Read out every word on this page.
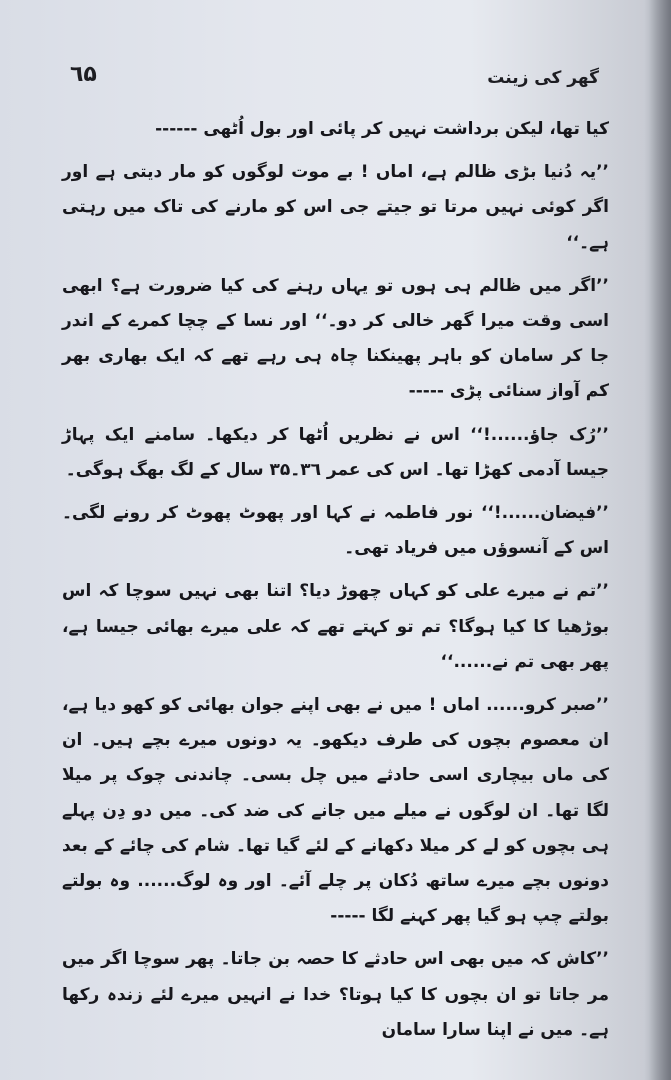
٦۵	گھر کی زینت

کیا تھا، لیکن برداشت نہیں کر پائی اور بول اُٹھی ------

’’یہ دُنیا بڑی ظالم ہے، اماں ! بے موت لوگوں کو مار دیتی ہے اور اگر کوئی نہیں مرتا تو جیتے جی اس کو مارنے کی تاک میں رہتی ہے۔‘‘

’’اگر میں ظالم ہی ہوں تو یہاں رہنے کی کیا ضرورت ہے؟ ابھی اسی وقت میرا گھر خالی کر دو۔‘‘ اور نسا کے چچا کمرے کے اندر جا کر سامان کو باہر پھینکنا چاہ ہی رہے تھے کہ ایک بھاری بھر کم آواز سنائی پڑی -----

’’رُک جاؤ......!‘‘ اس نے نظریں اُٹھا کر دیکھا۔ سامنے ایک پہاڑ جیسا آدمی کھڑا تھا۔ اس کی عمر ۳٦۔۳۵ سال کے لگ بھگ ہوگی۔

’’فیضان......!‘‘ نور فاطمہ نے کہا اور پھوٹ پھوٹ کر رونے لگی۔ اس کے آنسوؤں میں فریاد تھی۔

’’تم نے میرے علی کو کہاں چھوڑ دیا؟ اتنا بھی نہیں سوچا کہ اس بوڑھیا کا کیا ہوگا؟ تم تو کہتے تھے کہ علی میرے بھائی جیسا ہے، پھر بھی تم نے......‘‘

’’صبر کرو...... اماں ! میں نے بھی اپنے جوان بھائی کو کھو دیا ہے، ان معصوم بچوں کی طرف دیکھو۔ یہ دونوں میرے بچے ہیں۔ ان کی ماں بیچاری اسی حادثے میں چل بسی۔ چاندنی چوک پر میلا لگا تھا۔ ان لوگوں نے میلے میں جانے کی ضد کی۔ میں دو دِن پہلے ہی بچوں کو لے کر میلا دکھانے کے لئے گیا تھا۔ شام کی چائے کے بعد دونوں بچے میرے ساتھ دُکان پر چلے آئے۔ اور وہ لوگ...... وہ بولتے بولتے چپ ہو گیا پھر کہنے لگا -----

’’کاش کہ میں بھی اس حادثے کا حصہ بن جاتا۔ پھر سوچا اگر میں مر جاتا تو ان بچوں کا کیا ہوتا؟ خدا نے انہیں میرے لئے زندہ رکھا ہے۔ میں نے اپنا سارا سامان
